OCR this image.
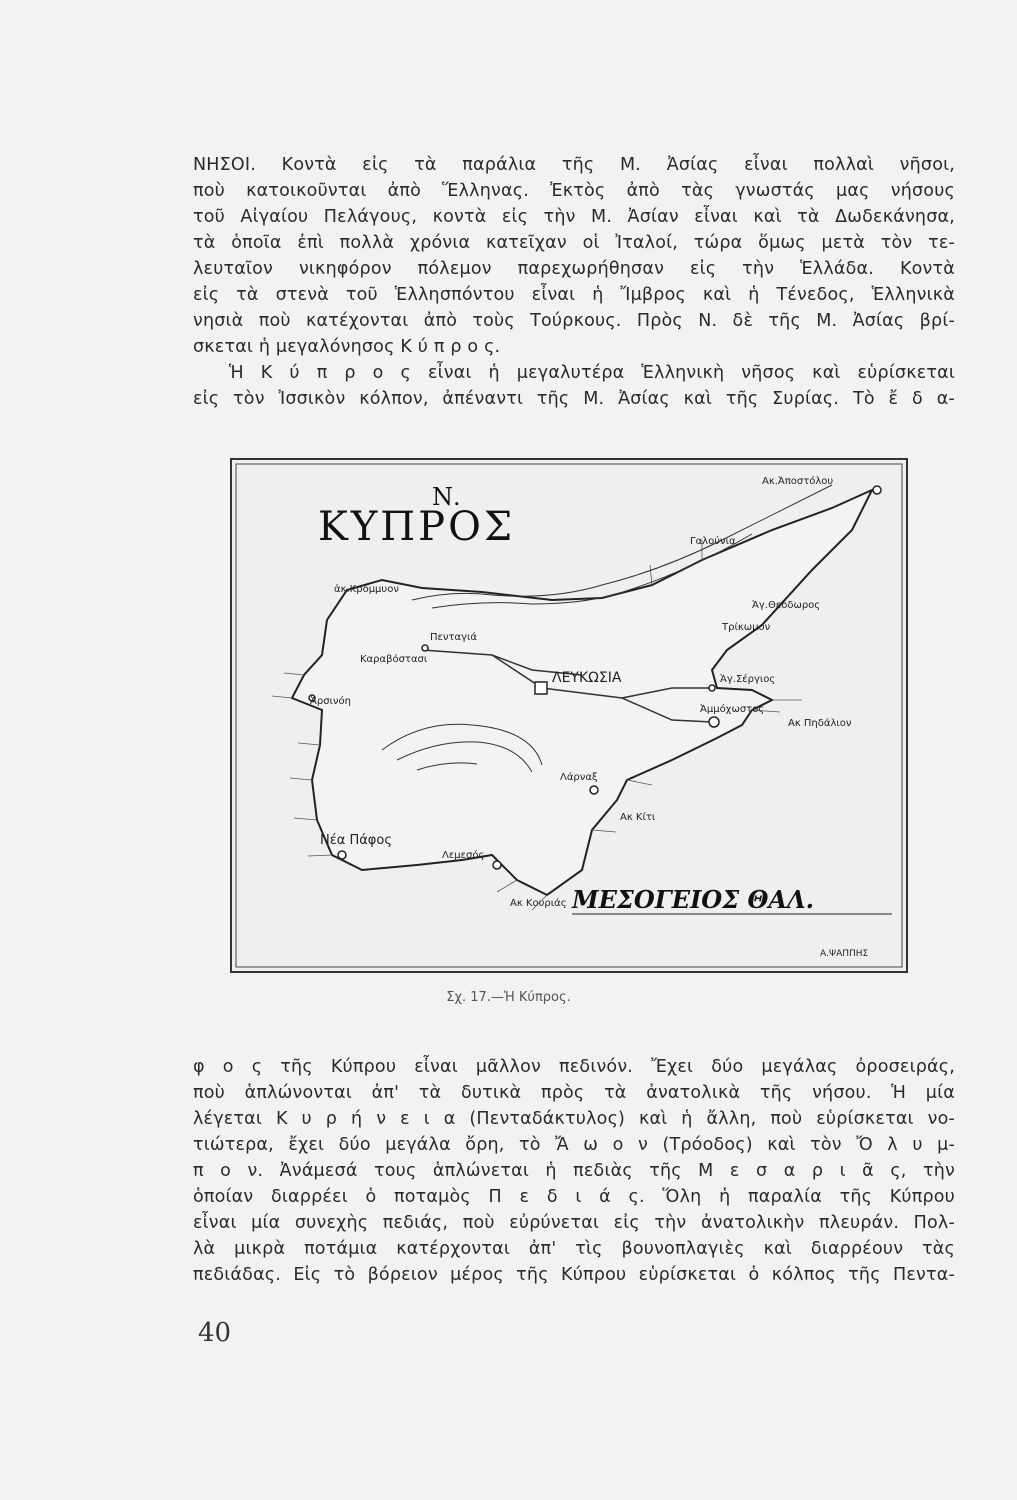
ΝΗΣΟΙ. Κοντὰ εἰς τὰ παράλια τῆς Μ. Ἀσίας εἶναι πολλαὶ νῆσοι,
ποὺ κατοικοῦνται ἀπὸ Ἕλληνας. Ἐκτὸς ἀπὸ τὰς γνωστάς μας νήσους
τοῦ Αἰγαίου Πελάγους, κοντὰ εἰς τὴν Μ. Ἀσίαν εἶναι καὶ τὰ Δωδεκάνησα,
τὰ ὁποῖα ἐπὶ πολλὰ χρόνια κατεῖχαν οἱ Ἰταλοί, τώρα ὅμως μετὰ τὸν τε-
λευταῖον νικηφόρον πόλεμον παρεχωρήθησαν εἰς τὴν Ἑλλάδα. Κοντὰ
εἰς τὰ στενὰ τοῦ Ἑλλησπόντου εἶναι ἡ Ἴμβρος καὶ ἡ Τένεδος, Ἑλληνικὰ
νησιὰ ποὺ κατέχονται ἀπὸ τοὺς Τούρκους. Πρὸς Ν. δὲ τῆς Μ. Ἀσίας βρί-
σκεται ἡ μεγαλόνησος Κ ύ π ρ ο ς.
Ἡ Κ ύ π ρ ο ς εἶναι ἡ μεγαλυτέρα Ἑλληνικὴ νῆσος καὶ εὑρίσκεται
εἰς τὸν Ἰσσικὸν κόλπον, ἀπέναντι τῆς Μ. Ἀσίας καὶ τῆς Συρίας. Τὸ ἔ δ α-
Ν.
ΚΥΠΡΟΣ
Ακ.Ἀποστόλου
Γαλούνια
ἀκ.Κρόμμυον
Ἁγ.Θεόδωρος
Τρίκωμον
Πενταγιά
Καραβόστασι
ΛΕΥΚΩΣΙΑ	Ἁγ.Σέργιος
Ἀμμόχωστος
Ακ Πηδάλιον
Ἀρσινόη
Λάρναξ
Ακ Κίτι
Νέα Πάφος
Λεμεσός
Ακ Κουριάς ΜΕΣΟΓΕΙΟΣ ΘΑΛ.
Α.ΨΑΠΠΗΣ
Σχ. 17.—Ἡ Κύπρος.
φ ο ς τῆς Κύπρου εἶναι μᾶλλον πεδινόν. Ἔχει δύο μεγάλας ὀροσειράς,
ποὺ ἁπλώνονται ἀπ' τὰ δυτικὰ πρὸς τὰ ἀνατολικὰ τῆς νήσου. Ἡ μία
λέγεται Κ υ ρ ή ν ε ι α (Πενταδάκτυλος) καὶ ἡ ἄλλη, ποὺ εὑρίσκεται νο-
τιώτερα, ἔχει δύο μεγάλα ὄρη, τὸ Ἄ ω ο ν (Τρόοδος) καὶ τὸν Ὄ λ υ μ-
π ο ν. Ἀνάμεσά τους ἁπλώνεται ἡ πεδιὰς τῆς Μ ε σ α ρ ι ᾶ ς, τὴν
ὁποίαν διαρρέει ὁ ποταμὸς Π ε δ ι ά ς. Ὅλη ἡ παραλία τῆς Κύπρου
εἶναι μία συνεχὴς πεδιάς, ποὺ εὐρύνεται εἰς τὴν ἀνατολικὴν πλευράν. Πολ-
λὰ μικρὰ ποτάμια κατέρχονται ἀπ' τὶς βουνοπλαγιὲς καὶ διαρρέουν τὰς
πεδιάδας. Εἰς τὸ βόρειον μέρος τῆς Κύπρου εὑρίσκεται ὁ κόλπος τῆς Πεντα-
40
